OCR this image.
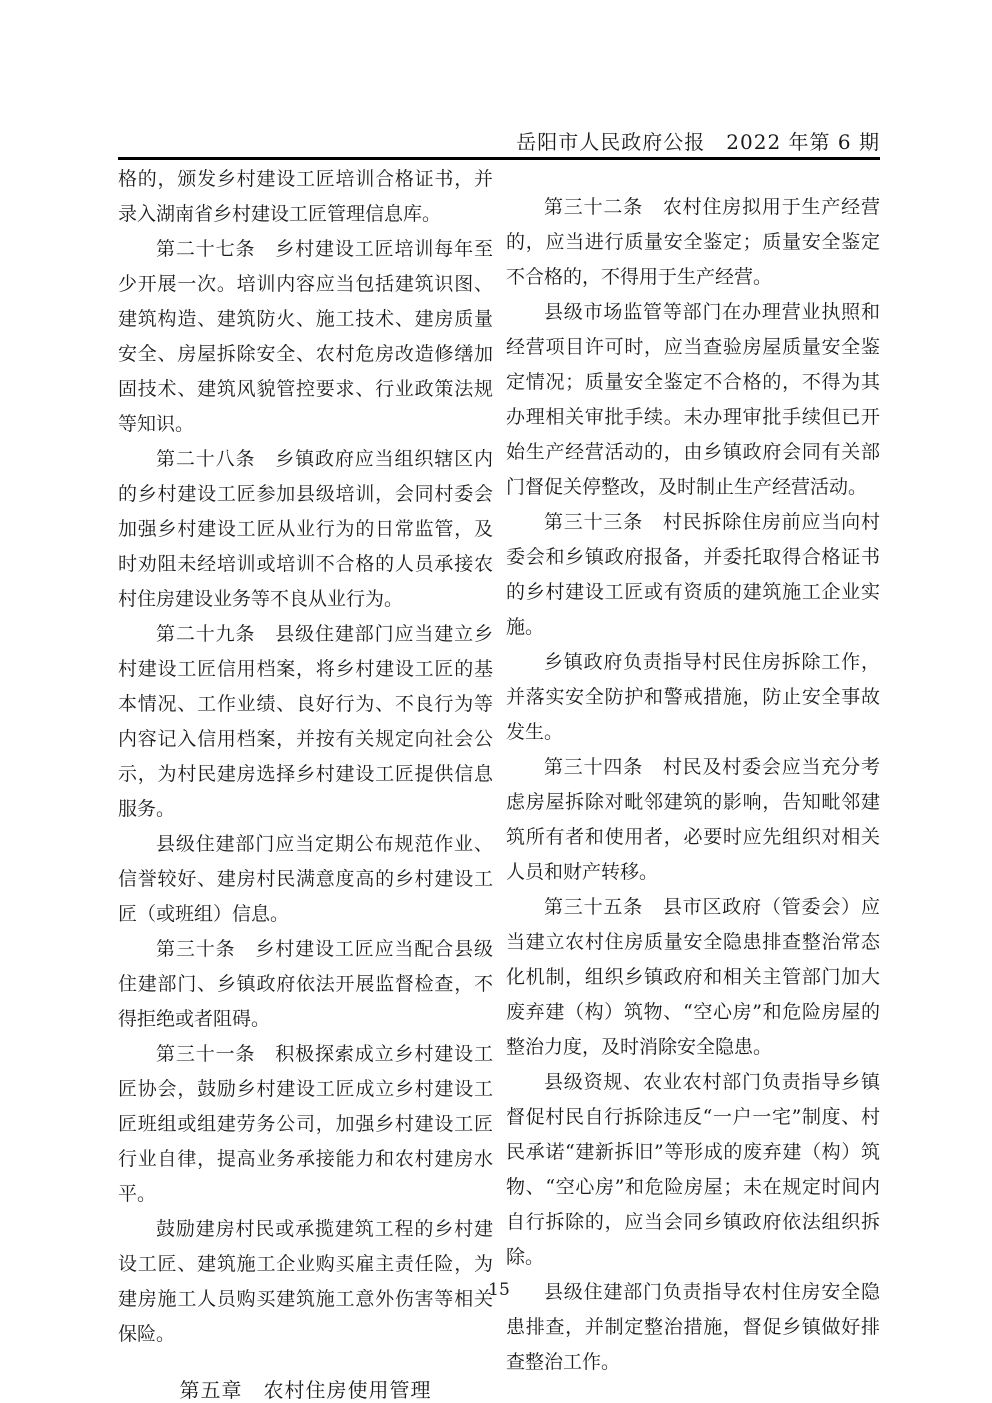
岳阳市人民政府公报　2022 年第 6 期

格的，颁发乡村建设工匠培训合格证书，并录入湖南省乡村建设工匠管理信息库。

第二十七条　乡村建设工匠培训每年至少开展一次。培训内容应当包括建筑识图、建筑构造、建筑防火、施工技术、建房质量安全、房屋拆除安全、农村危房改造修缮加固技术、建筑风貌管控要求、行业政策法规等知识。

第二十八条　乡镇政府应当组织辖区内的乡村建设工匠参加县级培训，会同村委会加强乡村建设工匠从业行为的日常监管，及时劝阻未经培训或培训不合格的人员承接农村住房建设业务等不良从业行为。

第二十九条　县级住建部门应当建立乡村建设工匠信用档案，将乡村建设工匠的基本情况、工作业绩、良好行为、不良行为等内容记入信用档案，并按有关规定向社会公示，为村民建房选择乡村建设工匠提供信息服务。

县级住建部门应当定期公布规范作业、信誉较好、建房村民满意度高的乡村建设工匠（或班组）信息。

第三十条　乡村建设工匠应当配合县级住建部门、乡镇政府依法开展监督检查，不得拒绝或者阻碍。

第三十一条　积极探索成立乡村建设工匠协会，鼓励乡村建设工匠成立乡村建设工匠班组或组建劳务公司，加强乡村建设工匠行业自律，提高业务承接能力和农村建房水平。

鼓励建房村民或承揽建筑工程的乡村建设工匠、建筑施工企业购买雇主责任险，为建房施工人员购买建筑施工意外伤害等相关保险。

第五章　农村住房使用管理

第三十二条　农村住房拟用于生产经营的，应当进行质量安全鉴定；质量安全鉴定不合格的，不得用于生产经营。

县级市场监管等部门在办理营业执照和经营项目许可时，应当查验房屋质量安全鉴定情况；质量安全鉴定不合格的，不得为其办理相关审批手续。未办理审批手续但已开始生产经营活动的，由乡镇政府会同有关部门督促关停整改，及时制止生产经营活动。

第三十三条　村民拆除住房前应当向村委会和乡镇政府报备，并委托取得合格证书的乡村建设工匠或有资质的建筑施工企业实施。

乡镇政府负责指导村民住房拆除工作，并落实安全防护和警戒措施，防止安全事故发生。

第三十四条　村民及村委会应当充分考虑房屋拆除对毗邻建筑的影响，告知毗邻建筑所有者和使用者，必要时应先组织对相关人员和财产转移。

第三十五条　县市区政府（管委会）应当建立农村住房质量安全隐患排查整治常态化机制，组织乡镇政府和相关主管部门加大废弃建（构）筑物、“空心房”和危险房屋的整治力度，及时消除安全隐患。

县级资规、农业农村部门负责指导乡镇督促村民自行拆除违反“一户一宅”制度、村民承诺“建新拆旧”等形成的废弃建（构）筑物、“空心房”和危险房屋；未在规定时间内自行拆除的，应当会同乡镇政府依法组织拆除。

县级住建部门负责指导农村住房安全隐患排查，并制定整治措施，督促乡镇做好排查整治工作。

15
